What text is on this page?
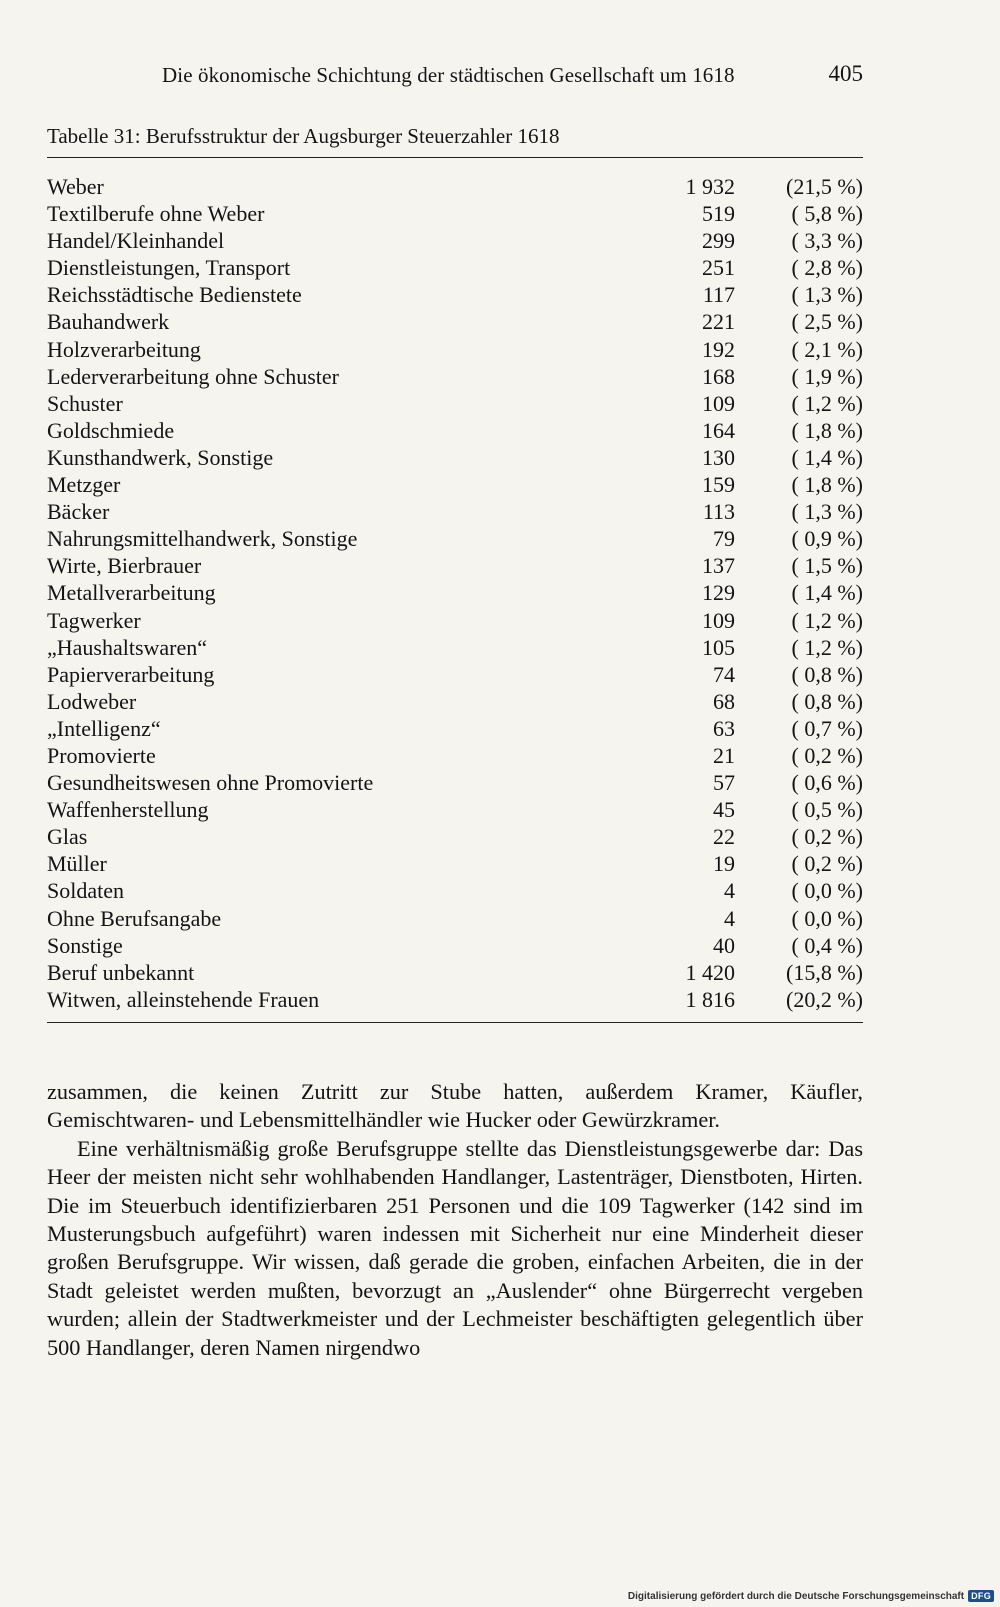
Die ökonomische Schichtung der städtischen Gesellschaft um 1618	405
Tabelle 31: Berufsstruktur der Augsburger Steuerzahler 1618
Weber	1 932	(21,5 %)
Textilberufe ohne Weber	519	( 5,8 %)
Handel/Kleinhandel	299	( 3,3 %)
Dienstleistungen, Transport	251	( 2,8 %)
Reichsstädtische Bedienstete	117	( 1,3 %)
Bauhandwerk	221	( 2,5 %)
Holzverarbeitung	192	( 2,1 %)
Lederverarbeitung ohne Schuster	168	( 1,9 %)
Schuster	109	( 1,2 %)
Goldschmiede	164	( 1,8 %)
Kunsthandwerk, Sonstige	130	( 1,4 %)
Metzger	159	( 1,8 %)
Bäcker	113	( 1,3 %)
Nahrungsmittelhandwerk, Sonstige	79	( 0,9 %)
Wirte, Bierbrauer	137	( 1,5 %)
Metallverarbeitung	129	( 1,4 %)
Tagwerker	109	( 1,2 %)
„Haushaltswaren“	105	( 1,2 %)
Papierverarbeitung	74	( 0,8 %)
Lodweber	68	( 0,8 %)
„Intelligenz“	63	( 0,7 %)
Promovierte	21	( 0,2 %)
Gesundheitswesen ohne Promovierte	57	( 0,6 %)
Waffenherstellung	45	( 0,5 %)
Glas	22	( 0,2 %)
Müller	19	( 0,2 %)
Soldaten	4	( 0,0 %)
Ohne Berufsangabe	4	( 0,0 %)
Sonstige	40	( 0,4 %)
Beruf unbekannt	1 420	(15,8 %)
Witwen, alleinstehende Frauen	1 816	(20,2 %)

zusammen, die keinen Zutritt zur Stube hatten, außerdem Kramer, Käufler, Gemischtwaren- und Lebensmittelhändler wie Hucker oder Gewürzkramer.

Eine verhältnismäßig große Berufsgruppe stellte das Dienstleistungsgewerbe dar: Das Heer der meisten nicht sehr wohlhabenden Handlanger, Lastenträger, Dienstboten, Hirten. Die im Steuerbuch identifizierbaren 251 Personen und die 109 Tagwerker (142 sind im Musterungsbuch aufgeführt) waren indessen mit Sicherheit nur eine Minderheit dieser großen Berufsgruppe. Wir wissen, daß gerade die groben, einfachen Arbeiten, die in der Stadt geleistet werden mußten, bevorzugt an „Auslender“ ohne Bürgerrecht vergeben wurden; allein der Stadtwerkmeister und der Lechmeister beschäftigten gelegentlich über 500 Handlanger, deren Namen nirgendwo

Digitalisierung gefördert durch die Deutsche Forschungsgemeinschaft DFG
